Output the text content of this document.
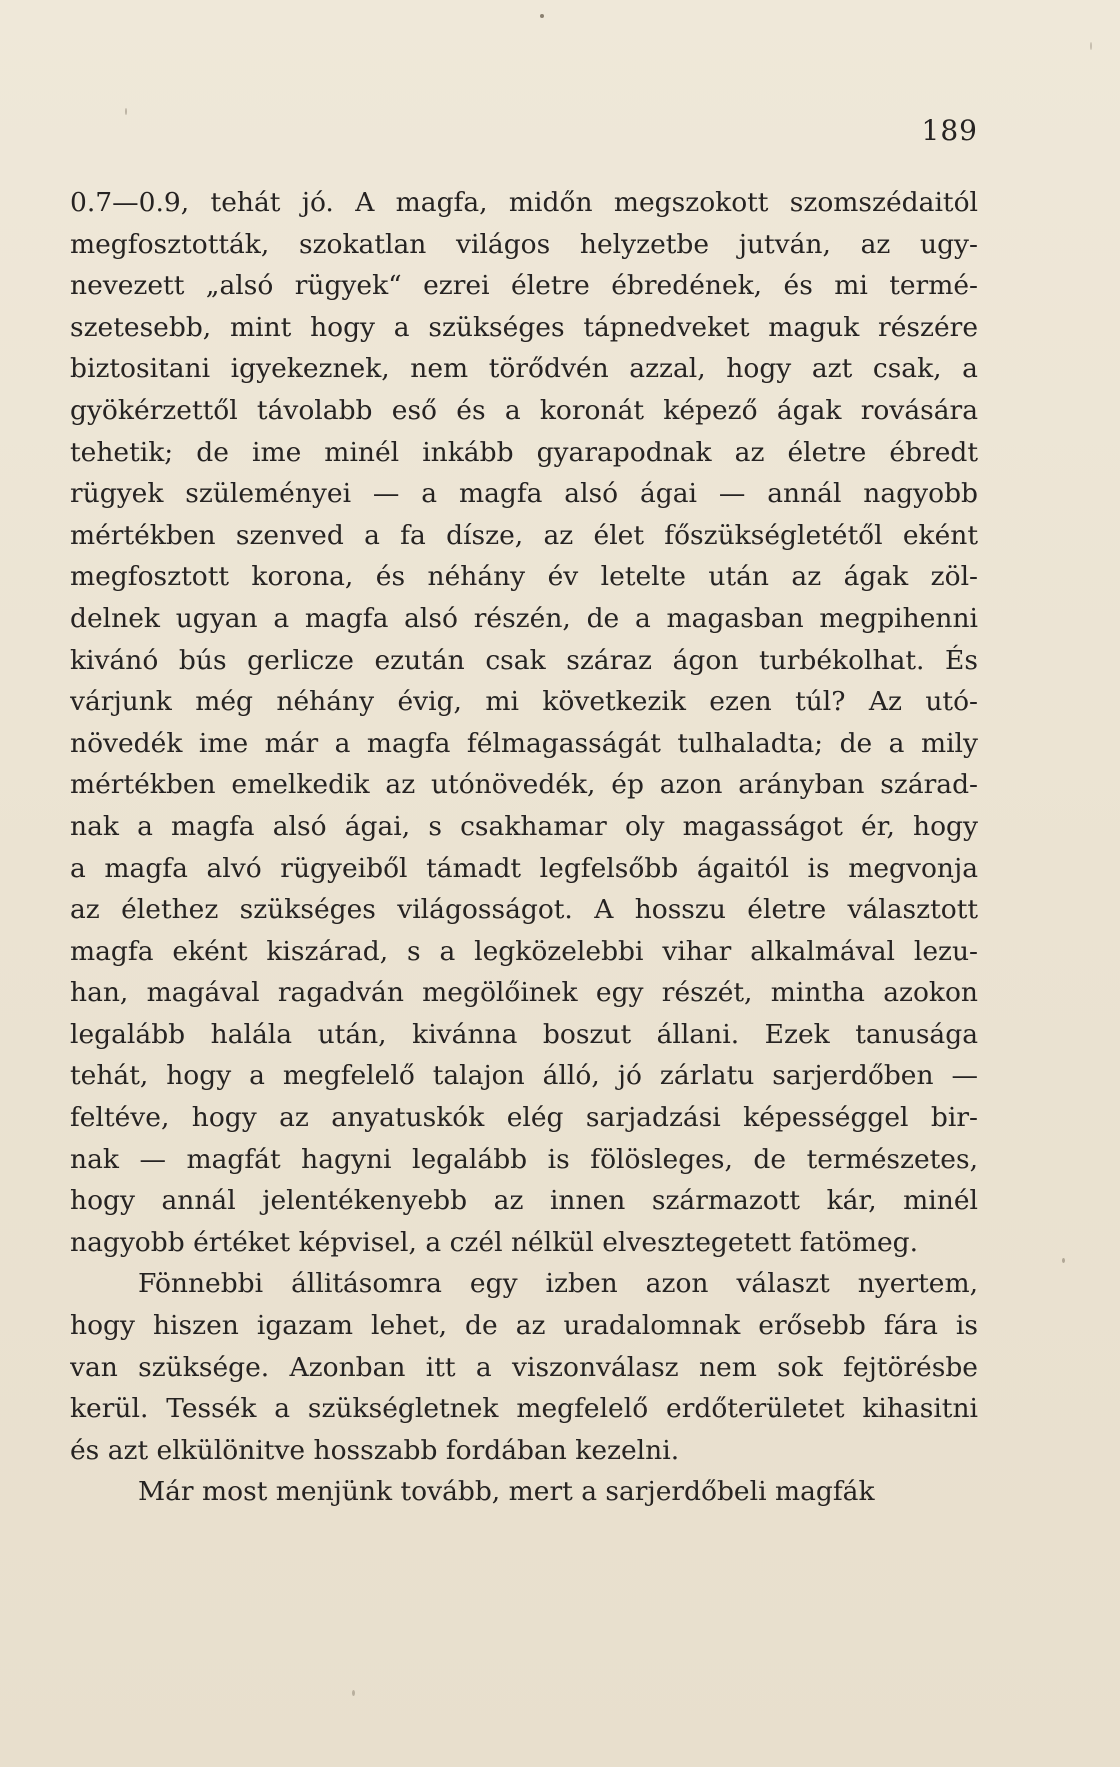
189
0.7—0.9, tehát jó. A magfa, midőn megszokott szomszédaitól
megfosztották, szokatlan világos helyzetbe jutván, az ugy-
nevezett „alsó rügyek“ ezrei életre ébredének, és mi termé-
szetesebb, mint hogy a szükséges tápnedveket maguk részére
biztositani igyekeznek, nem törődvén azzal, hogy azt csak, a
gyökérzettől távolabb eső és a koronát képező ágak rovására
tehetik; de ime minél inkább gyarapodnak az életre ébredt
rügyek szüleményei — a magfa alsó ágai — annál nagyobb
mértékben szenved a fa dísze, az élet főszükségletétől eként
megfosztott korona, és néhány év letelte után az ágak zöl-
delnek ugyan a magfa alsó részén, de a magasban megpihenni
kivánó bús gerlicze ezután csak száraz ágon turbékolhat. És
várjunk még néhány évig, mi következik ezen túl? Az utó-
növedék ime már a magfa félmagasságát tulhaladta; de a mily
mértékben emelkedik az utónövedék, ép azon arányban szárad-
nak a magfa alsó ágai, s csakhamar oly magasságot ér, hogy
a magfa alvó rügyeiből támadt legfelsőbb ágaitól is megvonja
az élethez szükséges világosságot. A hosszu életre választott
magfa eként kiszárad, s a legközelebbi vihar alkalmával lezu-
han, magával ragadván megölőinek egy részét, mintha azokon
legalább halála után, kivánna boszut állani. Ezek tanusága
tehát, hogy a megfelelő talajon álló, jó zárlatu sarjerdőben —
feltéve, hogy az anyatuskók elég sarjadzási képességgel bir-
nak — magfát hagyni legalább is fölösleges, de természetes,
hogy annál jelentékenyebb az innen származott kár, minél
nagyobb értéket képvisel, a czél nélkül elvesztegetett fatömeg.
Fönnebbi állitásomra egy izben azon választ nyertem,
hogy hiszen igazam lehet, de az uradalomnak erősebb fára is
van szüksége. Azonban itt a viszonválasz nem sok fejtörésbe
kerül. Tessék a szükségletnek megfelelő erdőterületet kihasitni
és azt elkülönitve hosszabb fordában kezelni.
Már most menjünk tovább, mert a sarjerdőbeli magfák
